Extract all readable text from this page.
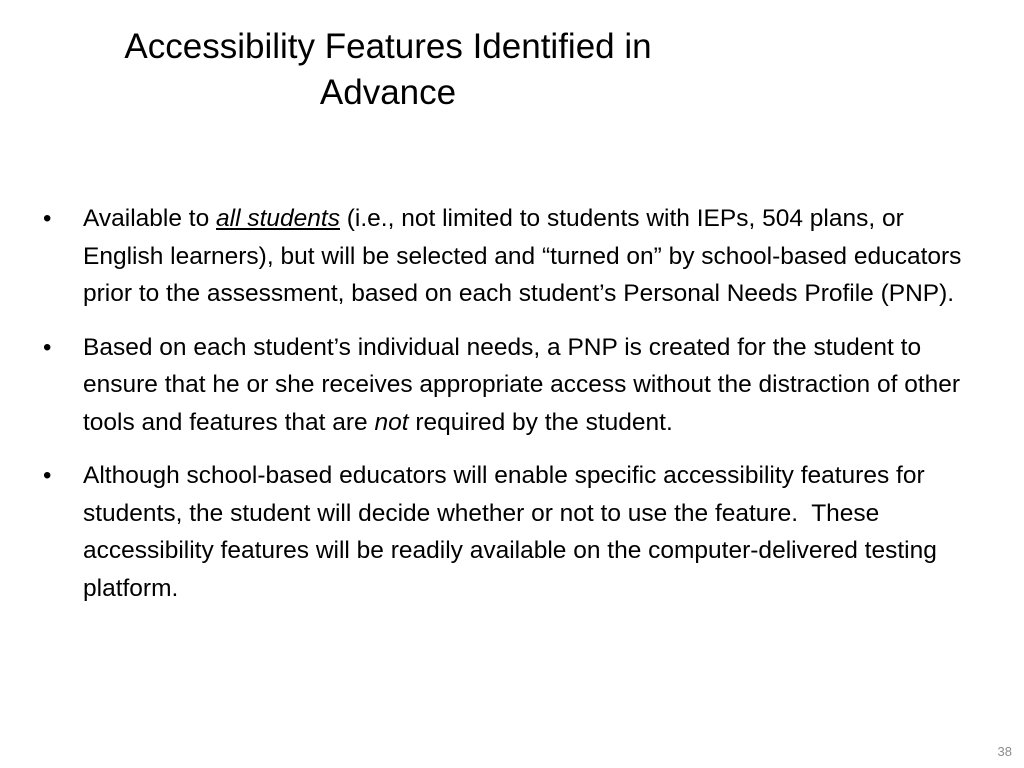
Accessibility Features Identified in
Advance
• Available to all students (i.e., not limited to students with IEPs, 504 plans, or English learners), but will be selected and “turned on” by school-based educators prior to the assessment, based on each student’s Personal Needs Profile (PNP).
• Based on each student’s individual needs, a PNP is created for the student to ensure that he or she receives appropriate access without the distraction of other tools and features that are not required by the student.
• Although school-based educators will enable specific accessibility features for students, the student will decide whether or not to use the feature.  These accessibility features will be readily available on the computer-delivered testing platform.
38
